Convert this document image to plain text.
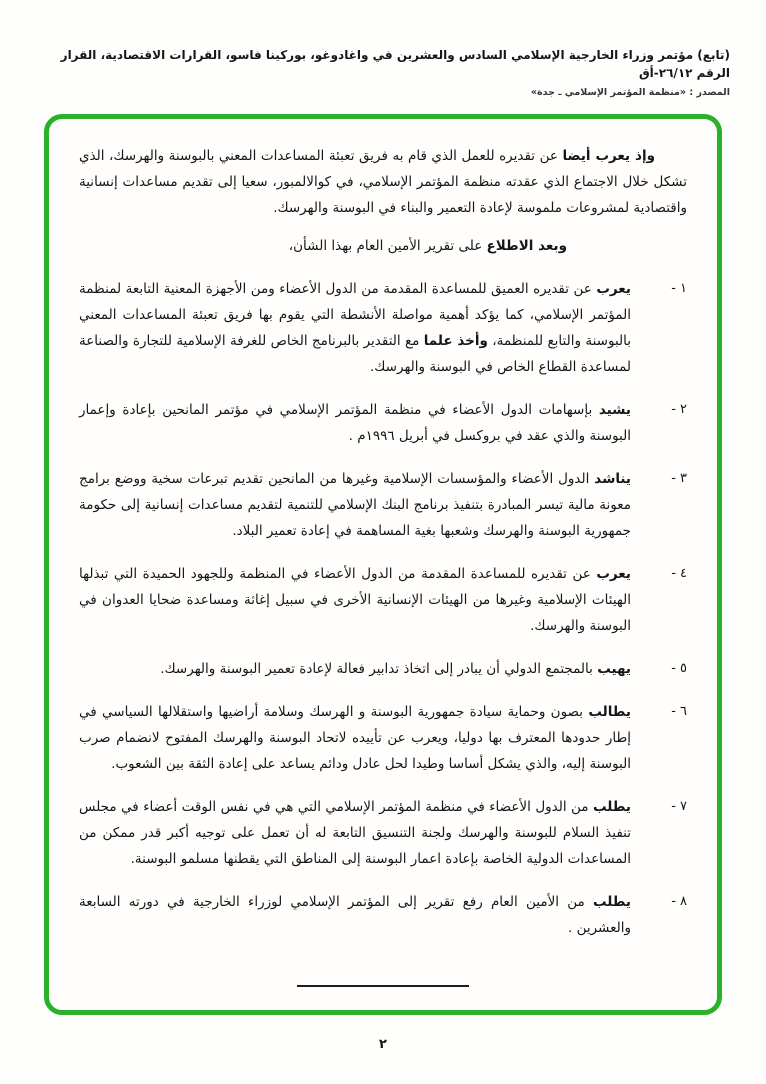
(تابع) مؤتمر وزراء الخارجية الإسلامي السادس والعشرين في واغادوغو، بوركينا فاسو، القرارات الاقتصادية، القرار الرقم ٢٦/١٢-أق
المصدر : «منظمة المؤتمر الإسلامي ـ جدة»

وإذ يعرب أيضا عن تقديره للعمل الذي قام به فريق تعبئة المساعدات المعني بالبوسنة والهرسك، الذي تشكل خلال الاجتماع الذي عقدته منظمة المؤتمر الإسلامي، في كوالالمبور، سعيا إلى تقديم مساعدات إنسانية واقتصادية لمشروعات ملموسة لإعادة التعمير والبناء في البوسنة والهرسك.

وبعد الاطلاع على تقرير الأمين العام بهذا الشأن،

١ -
يعرب عن تقديره العميق للمساعدة المقدمة من الدول الأعضاء ومن الأجهزة المعنية التابعة لمنظمة المؤتمر الإسلامي، كما يؤكد أهمية مواصلة الأنشطة التي يقوم بها فريق تعبئة المساعدات المعني بالبوسنة والتابع للمنظمة، وأخذ علما مع التقدير بالبرنامج الخاص للغرفة الإسلامية للتجارة والصناعة لمساعدة القطاع الخاص في البوسنة والهرسك.
٢ -
يشيد بإسهامات الدول الأعضاء في منظمة المؤتمر الإسلامي في مؤتمر المانحين بإعادة وإعمار البوسنة والذي عقد في بروكسل في أبريل ١٩٩٦م .
٣ -
يناشد الدول الأعضاء والمؤسسات الإسلامية وغيرها من المانحين تقديم تبرعات سخية ووضع برامج معونة مالية تيسر المبادرة بتنفيذ برنامج البنك الإسلامي للتنمية لتقديم مساعدات إنسانية إلى حكومة جمهورية البوسنة والهرسك وشعبها بغية المساهمة في إعادة تعمير البلاد.
٤ -
يعرب عن تقديره للمساعدة المقدمة من الدول الأعضاء في المنظمة وللجهود الحميدة التي تبذلها الهيئات الإسلامية وغيرها من الهيئات الإنسانية الأخرى في سبيل إغاثة ومساعدة ضحايا العدوان في البوسنة والهرسك.
٥ -
يهيب بالمجتمع الدولي أن يبادر إلى اتخاذ تدابير فعالة لإعادة تعمير البوسنة والهرسك.
٦ -
يطالب بصون وحماية سيادة جمهورية البوسنة و الهرسك وسلامة أراضيها واستقلالها السياسي في إطار حدودها المعترف بها دوليا، ويعرب عن تأييده لاتحاد البوسنة والهرسك المفتوح لانضمام صرب البوسنة إليه، والذي يشكل أساسا وطيدا لحل عادل ودائم يساعد على إعادة الثقة بين الشعوب.
٧ -
يطلب من الدول الأعضاء في منظمة المؤتمر الإسلامي التي هي في نفس الوقت أعضاء في مجلس تنفيذ السلام للبوسنة والهرسك ولجنة التنسيق التابعة له أن تعمل على توجيه أكبر قدر ممكن من المساعدات الدولية الخاصة بإعادة اعمار البوسنة إلى المناطق التي يقطنها مسلمو البوسنة.
٨ -
يطلب من الأمين العام رفع تقرير إلى المؤتمر الإسلامي لوزراء الخارجية في دورته السابعة والعشرين .
٢
